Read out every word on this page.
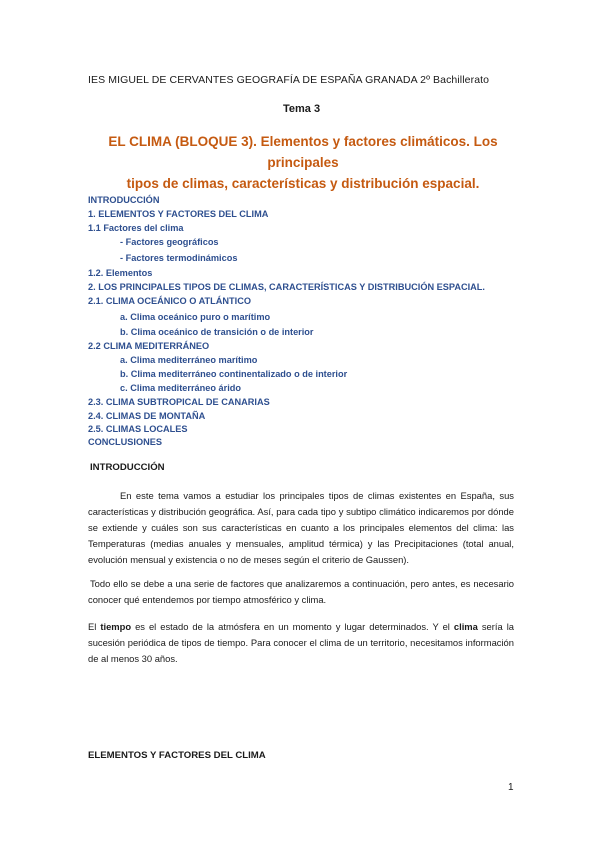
IES MIGUEL DE CERVANTES GEOGRAFÍA DE ESPAÑA GRANADA 2º Bachillerato
Tema 3
EL CLIMA (BLOQUE 3). Elementos y factores climáticos. Los principales
tipos de climas, características y distribución espacial.
INTRODUCCIÓN
1. ELEMENTOS Y FACTORES DEL CLIMA
1.1 Factores del clima
- Factores geográficos
- Factores termodinámicos
1.2. Elementos
2. LOS PRINCIPALES TIPOS DE CLIMAS, CARACTERÍSTICAS Y DISTRIBUCIÓN ESPACIAL.
2.1. CLIMA OCEÁNICO O ATLÁNTICO
a. Clima oceánico puro o marítimo
b. Clima oceánico de transición o de interior
2.2 CLIMA MEDITERRÁNEO
a. Clima mediterráneo marítimo
b. Clima mediterráneo continentalizado o de interior
c. Clima mediterráneo árido
2.3. CLIMA SUBTROPICAL DE CANARIAS
2.4. CLIMAS DE MONTAÑA
2.5. CLIMAS LOCALES
CONCLUSIONES
INTRODUCCIÓN
En este tema vamos a estudiar los principales tipos de climas existentes en España, sus características y distribución geográfica. Así, para cada tipo y subtipo climático indicaremos por dónde se extiende y cuáles son sus características en cuanto a los principales elementos del clima: las Temperaturas (medias anuales y mensuales, amplitud térmica) y las Precipitaciones (total anual, evolución mensual y existencia o no de meses según el criterio de Gaussen).
Todo ello se debe a una serie de factores que analizaremos a continuación, pero antes, es necesario conocer qué entendemos por tiempo atmosférico y clima.
El tiempo es el estado de la atmósfera en un momento y lugar determinados. Y el clima sería la sucesión periódica de tipos de tiempo. Para conocer el clima de un territorio, necesitamos información de al menos 30 años.
ELEMENTOS Y FACTORES DEL CLIMA
1
